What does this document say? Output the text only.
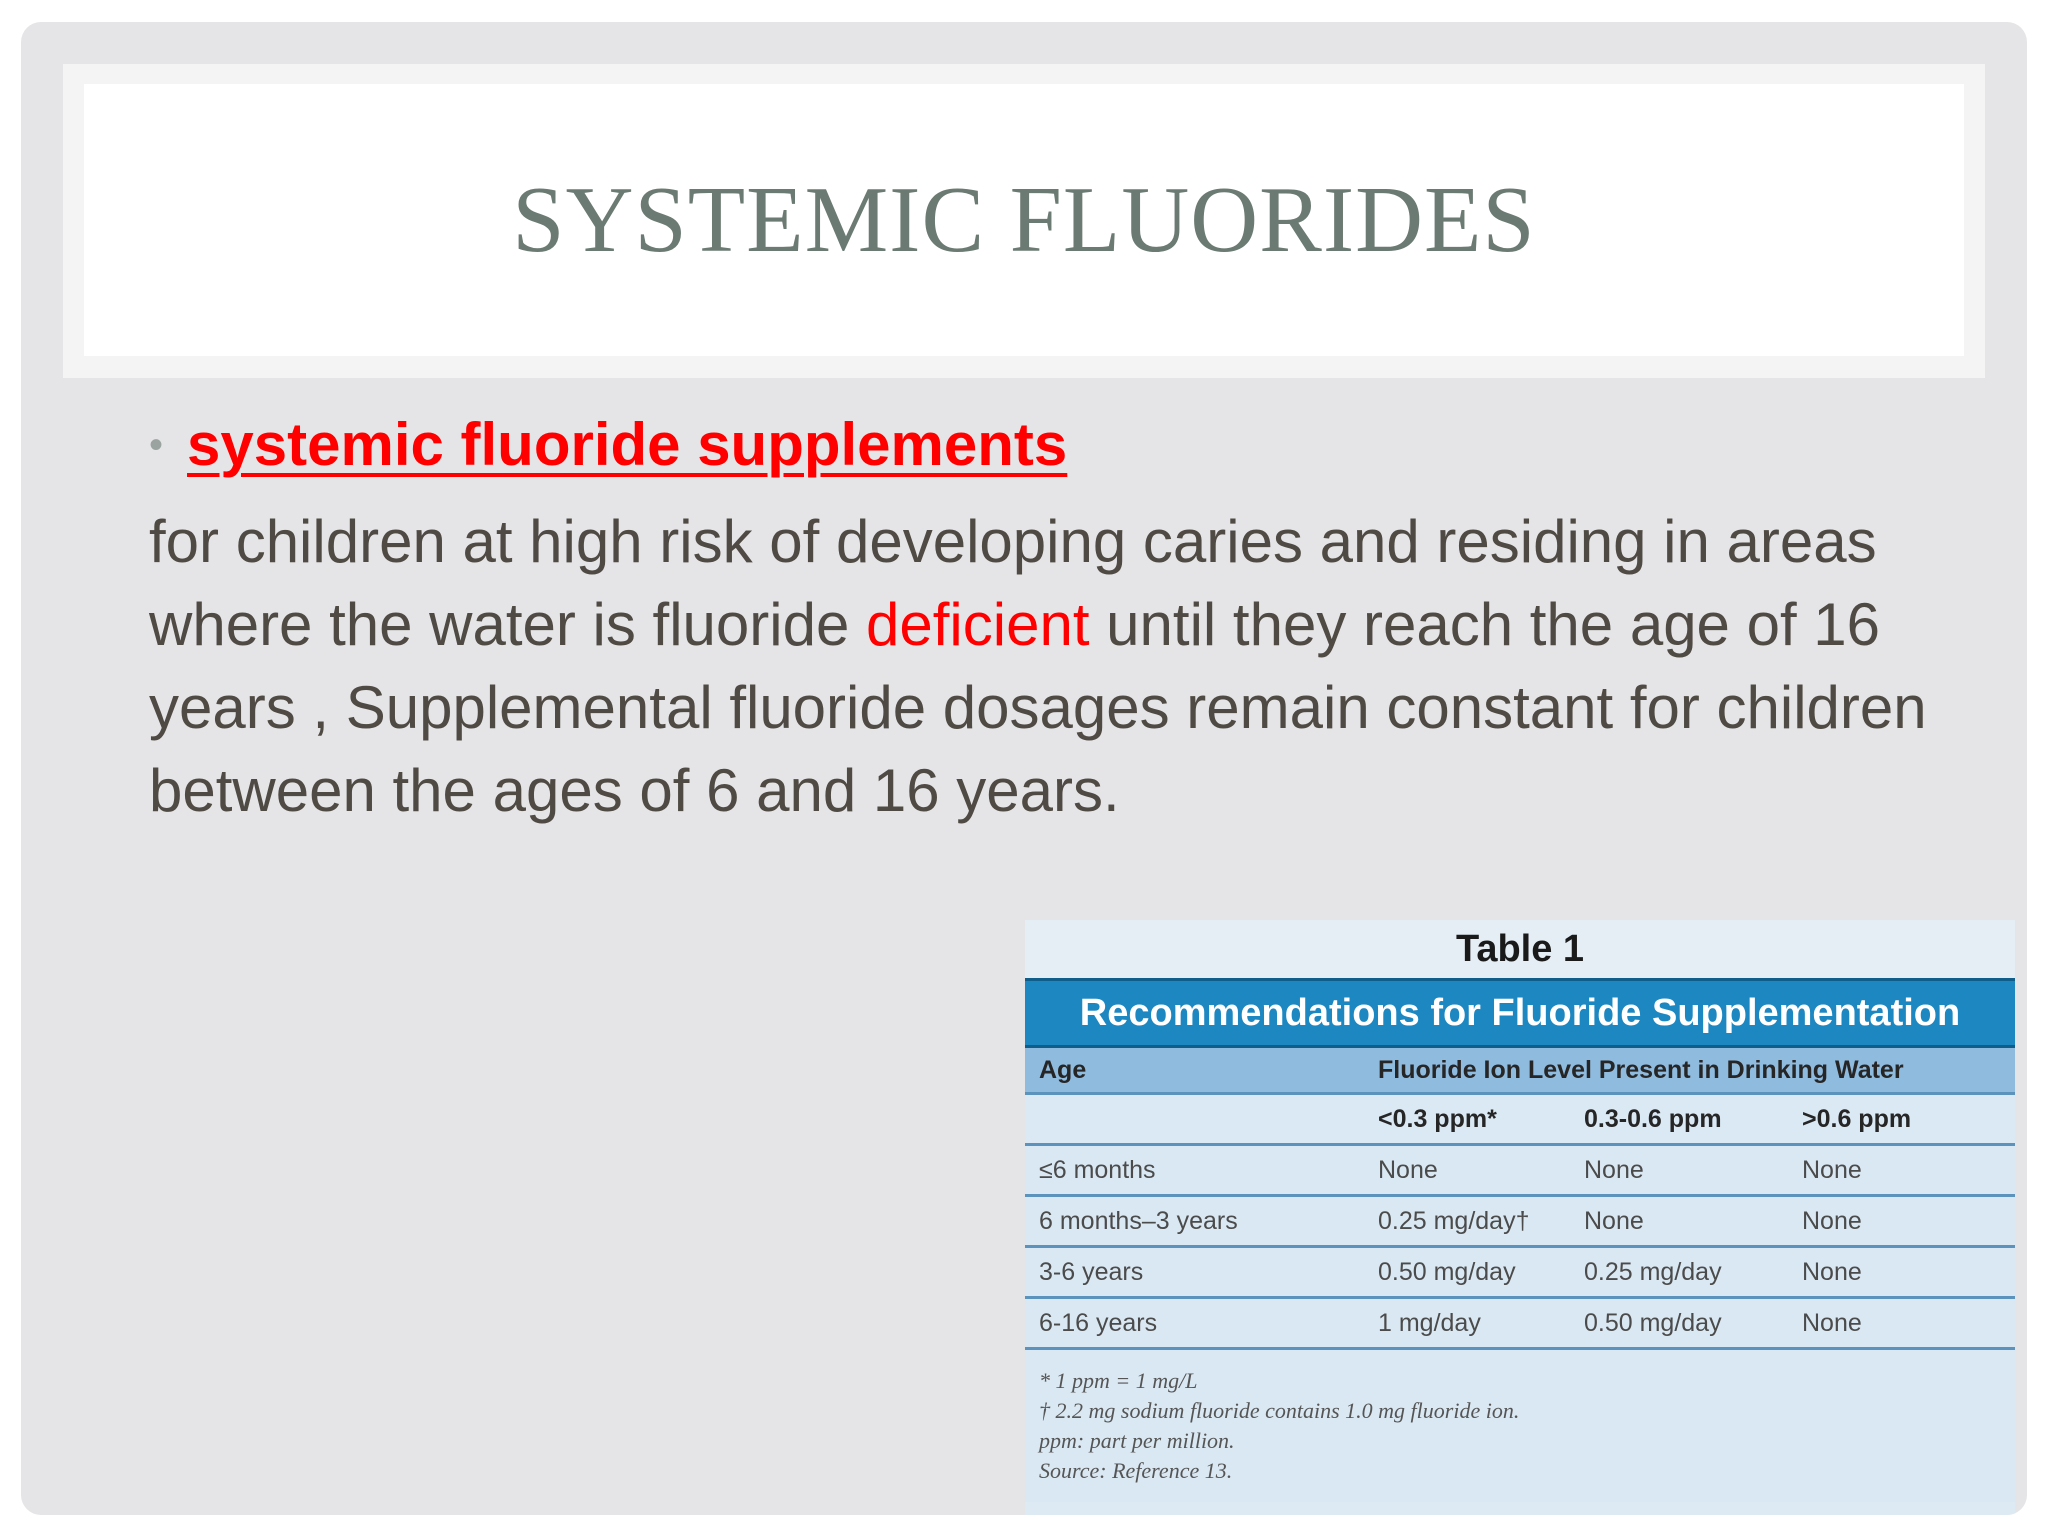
SYSTEMIC FLUORIDES
• systemic fluoride supplements
for children at high risk of developing caries and residing in areas where the water is fluoride deficient until they reach the age of 16 years , Supplemental fluoride dosages remain constant for children between the ages of 6 and 16 years.
Table 1
Recommendations for Fluoride Supplementation
Age	Fluoride Ion Level Present in Drinking Water		
	<0.3 ppm*	0.3-0.6 ppm	>0.6 ppm
≤6 months	None	None	None
6 months–3 years	0.25 mg/day†	None	None
3-6 years	0.50 mg/day	0.25 mg/day	None
6-16 years	1 mg/day	0.50 mg/day	None
* 1 ppm = 1 mg/L
† 2.2 mg sodium fluoride contains 1.0 mg fluoride ion.
ppm: part per million.
Source: Reference 13.
